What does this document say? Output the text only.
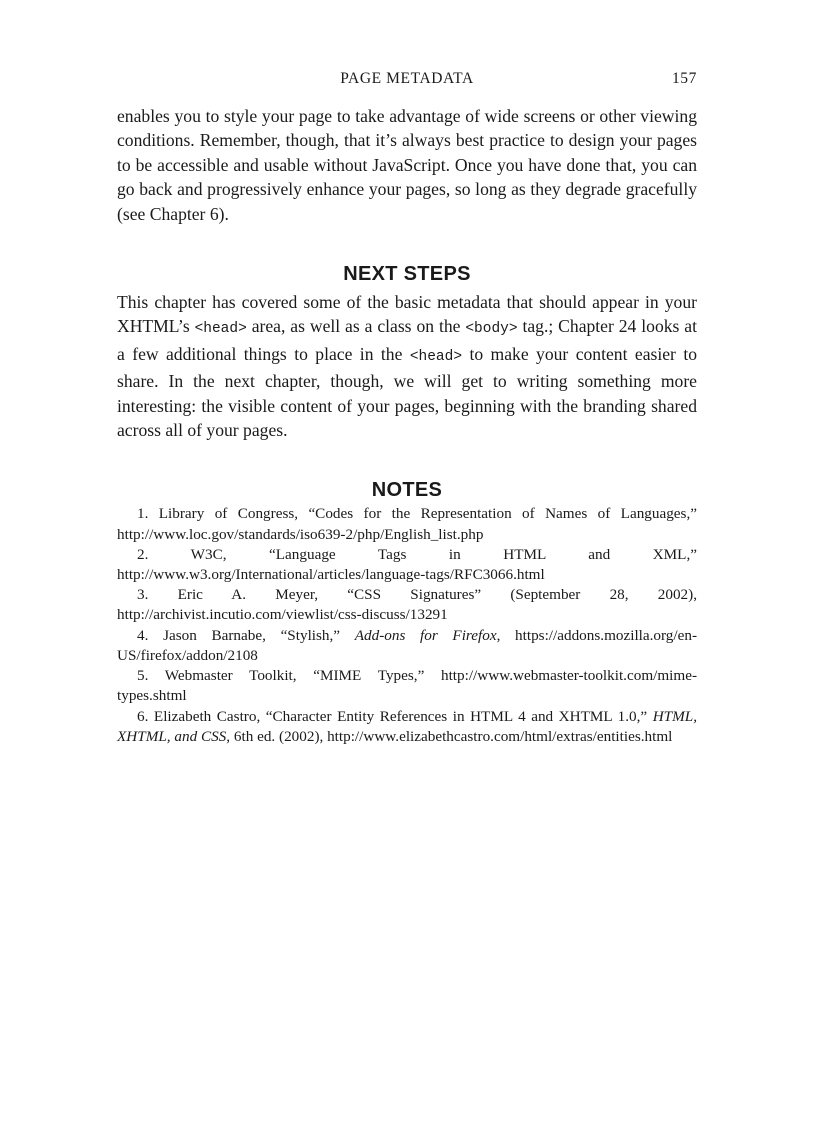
PAGE METADATA	157

enables you to style your page to take advantage of wide screens or other viewing conditions. Remember, though, that it’s always best practice to design your pages to be accessible and usable without JavaScript. Once you have done that, you can go back and progressively enhance your pages, so long as they degrade gracefully (see Chapter 6).

NEXT STEPS

This chapter has covered some of the basic metadata that should appear in your XHTML’s <head> area, as well as a class on the <body> tag.; Chapter 24 looks at a few additional things to place in the <head> to make your content easier to share. In the next chapter, though, we will get to writing something more interesting: the visible content of your pages, beginning with the branding shared across all of your pages.

NOTES

1. Library of Congress, “Codes for the Representation of Names of Languages,” http://www.loc.gov/standards/iso639-2/php/English_list.php

2. W3C, “Language Tags in HTML and XML,” http://www.w3.org/International/articles/language-tags/RFC3066.html

3. Eric A. Meyer, “CSS Signatures” (September 28, 2002), http://archivist.incutio.com/viewlist/css-discuss/13291

4. Jason Barnabe, “Stylish,” Add-ons for Firefox, https://addons.mozilla.org/en-US/firefox/addon/2108

5. Webmaster Toolkit, “MIME Types,” http://www.webmaster-toolkit.com/mime-types.shtml

6. Elizabeth Castro, “Character Entity References in HTML 4 and XHTML 1.0,” HTML, XHTML, and CSS, 6th ed. (2002), http://www.elizabethcastro.com/html/extras/entities.html
